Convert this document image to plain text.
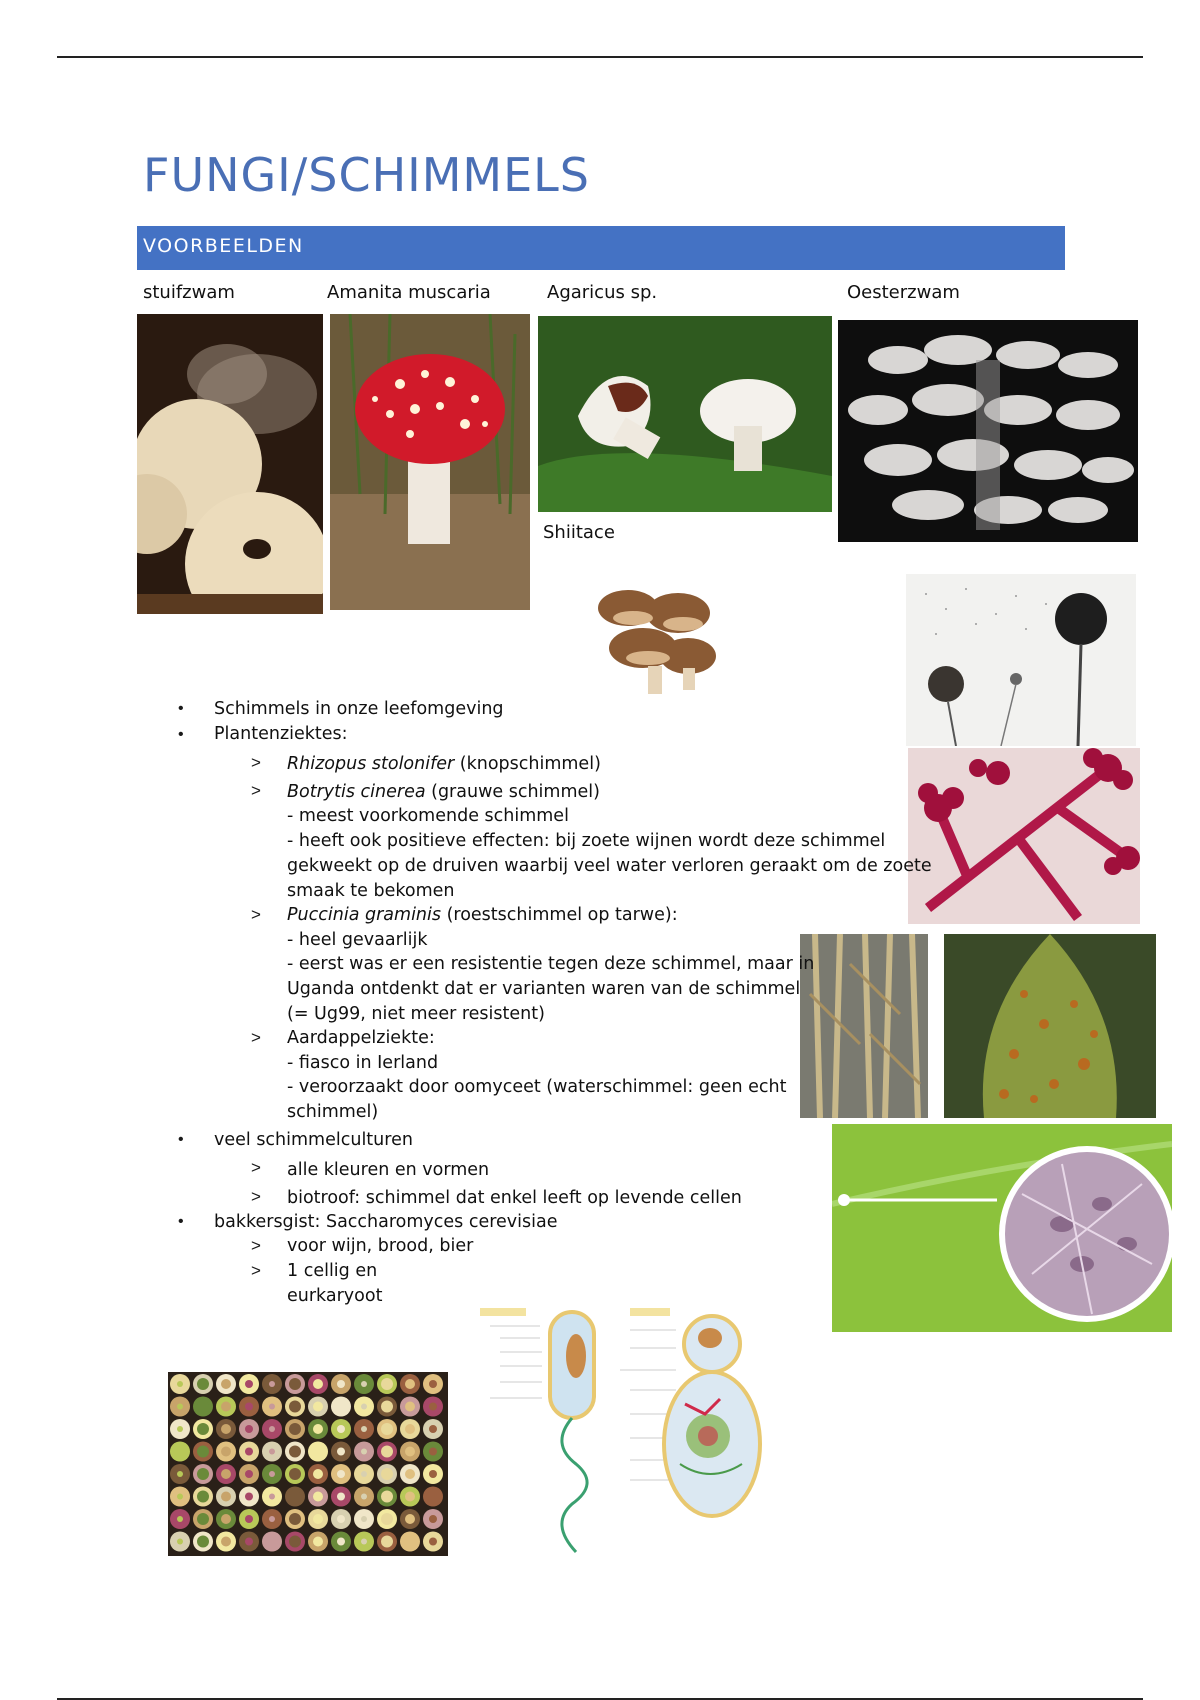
FUNGI/SCHIMMELS
VOORBEELDEN
stuifzwam	Amanita muscaria	Agaricus sp.	Oesterzwam
Shiitace
• Schimmels in onze leefomgeving
• Plantenziektes:
> Rhizopus stolonifer (knopschimmel)
> Botrytis cinerea (grauwe schimmel)
- meest voorkomende schimmel
- heeft ook positieve effecten: bij zoete wijnen wordt deze schimmel
gekweekt op de druiven waarbij veel water verloren geraakt om de zoete
smaak te bekomen
> Puccinia graminis (roestschimmel op tarwe):
- heel gevaarlijk
- eerst was er een resistentie tegen deze schimmel, maar in
Uganda ontdenkt dat er varianten waren van de schimmel
(= Ug99, niet meer resistent)
> Aardappelziekte:
- fiasco in Ierland
- veroorzaakt door oomyceet (waterschimmel: geen echt
schimmel)
• veel schimmelculturen
> alle kleuren en vormen
> biotroof: schimmel dat enkel leeft op levende cellen
• bakkersgist: Saccharomyces cerevisiae
> voor wijn, brood, bier
> 1 cellig en
eurkaryoot
